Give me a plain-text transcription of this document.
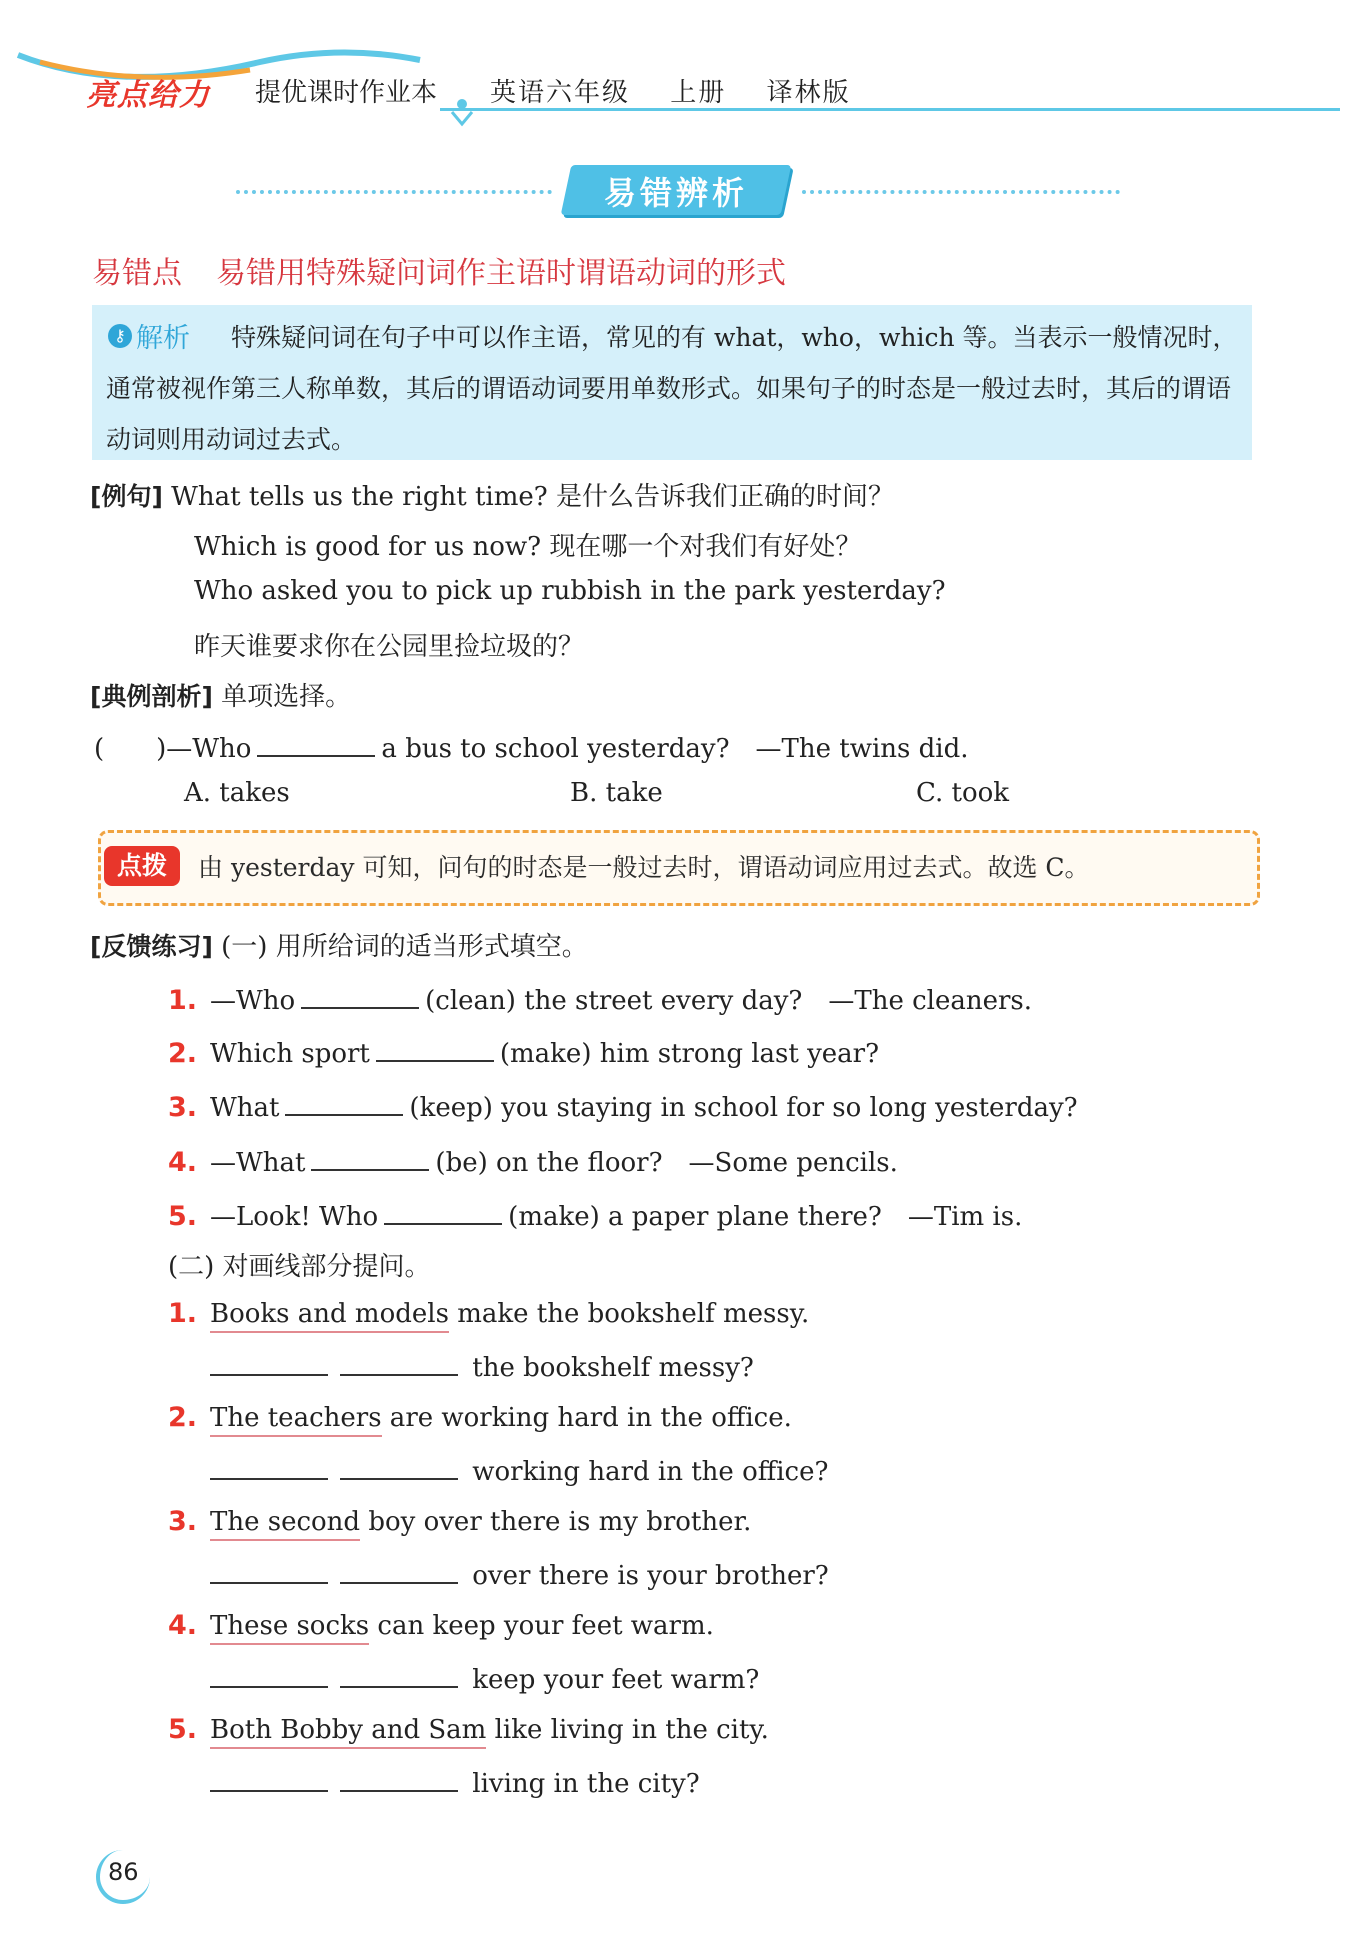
亮点给力 提优课时作业本 英语六年级 上册 译林版
易错辨析
易错点 易错用特殊疑问词作主语时谓语动词的形式
特殊疑问词在句子中可以作主语，常见的有 what，who，which 等。当表示一般情况时，通常被视作第三人称单数，其后的谓语动词要用单数形式。如果句子的时态是一般过去时，其后的谓语动词则用动词过去式。
⚷ 解析
[例句] What tells us the right time? 是什么告诉我们正确的时间？
Which is good for us now? 现在哪一个对我们有好处？
Who asked you to pick up rubbish in the park yesterday?
昨天谁要求你在公园里捡垃圾的？
[典例剖析] 单项选择。
(　　)—Who	a bus to school yesterday?　—The twins did.
A. takes	B. take	C. took
点拨	由 yesterday 可知，问句的时态是一般过去时，谓语动词应用过去式。故选 C。
[反馈练习] (一) 用所给词的适当形式填空。
1. —Who	(clean) the street every day?　—The cleaners.
2. Which sport	(make) him strong last year?
3. What	(keep) you staying in school for so long yesterday?
4. —What	(be) on the floor?　—Some pencils.
5. —Look! Who	(make) a paper plane there?　—Tim is.
(二) 对画线部分提问。
1. Books and models make the bookshelf messy.
the bookshelf messy?
2. The teachers are working hard in the office.
working hard in the office?
3. The second boy over there is my brother.
over there is your brother?
4. These socks can keep your feet warm.
keep your feet warm?
5. Both Bobby and Sam like living in the city.
living in the city?
86
